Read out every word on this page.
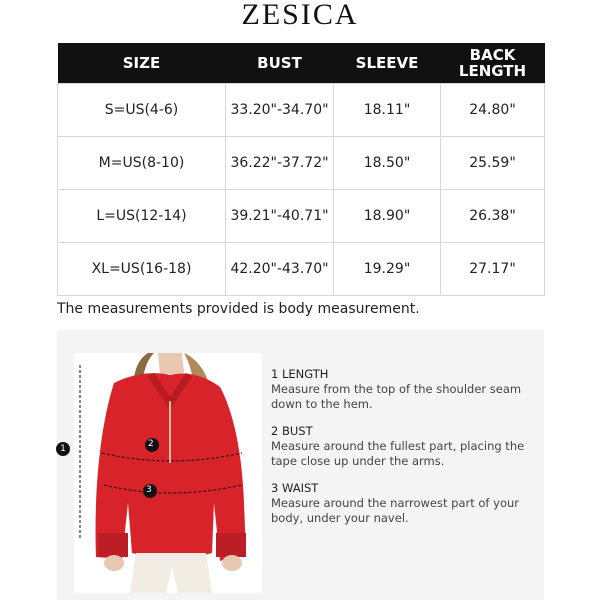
ZESICA
SIZE	BUST	SLEEVE	BACK
LENGTH
S=US(4-6)	33.20"-34.70"	18.11"	24.80"
M=US(8-10)	36.22"-37.72"	18.50"	25.59"
L=US(12-14)	39.21"-40.71"	18.90"	26.38"
XL=US(16-18)	42.20"-43.70"	19.29"	27.17"
The measurements provided is body measurement.
1	2
3
1 LENGTH
Measure from the top of the shoulder seam down to the hem.
2 BUST
Measure around the fullest part, placing the tape close up under the arms.
3 WAIST
Measure around the narrowest part of your body, under your navel.
